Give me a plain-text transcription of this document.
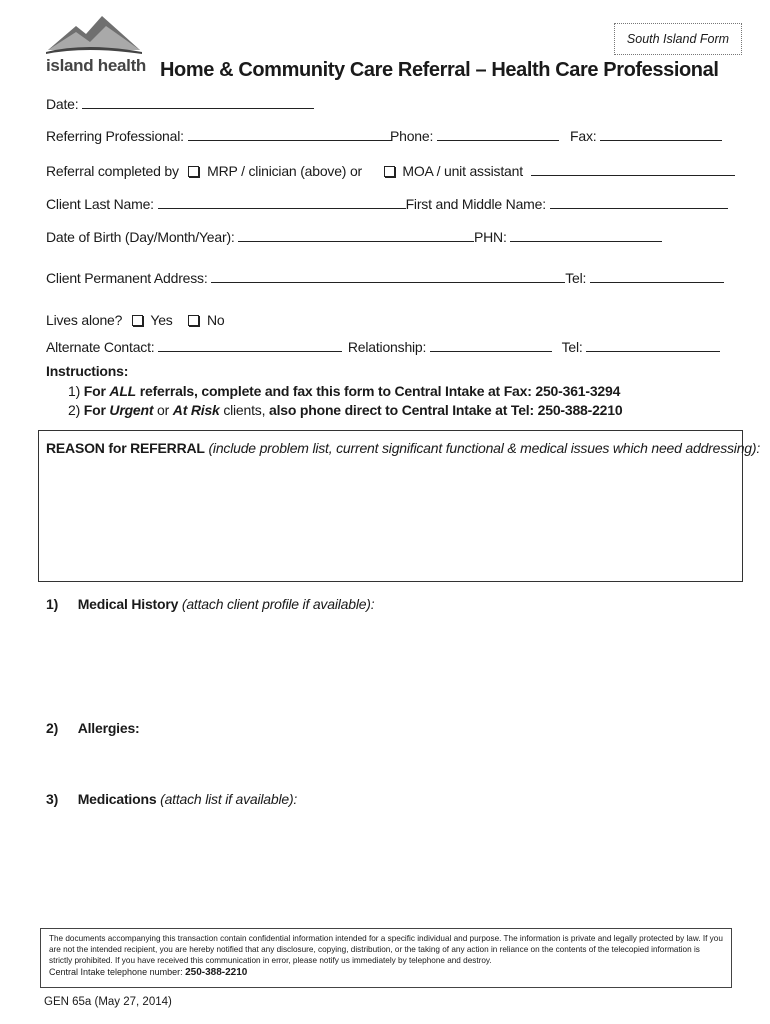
island health
South Island Form
Home & Community Care Referral – Health Care Professional
Date:
Referring Professional:	Phone:	Fax:
Referral completed by MRP / clinician (above) or	MOA / unit assistant
Client Last Name:	First and Middle Name:
Date of Birth (Day/Month/Year):	PHN:
Client Permanent Address:	Tel:
Lives alone? Yes No
Alternate Contact:	Relationship:	Tel:
Instructions:
1) For ALL referrals, complete and fax this form to Central Intake at Fax: 250-361-3294
2) For Urgent or At Risk clients, also phone direct to Central Intake at Tel: 250-388-2210
REASON for REFERRAL (include problem list, current significant functional & medical issues which need addressing):
1) Medical History (attach client profile if available):
2) Allergies:
3) Medications (attach list if available):
The documents accompanying this transaction contain confidential information intended for a specific individual and purpose. The information is private and legally protected by law. If you are not the intended recipient, you are hereby notified that any disclosure, copying, distribution, or the taking of any action in reliance on the contents of the telecopied information is strictly prohibited. If you have received this communication in error, please notify us immediately by telephone and destroy.
Central Intake telephone number: 250-388-2210
GEN 65a (May 27, 2014)
